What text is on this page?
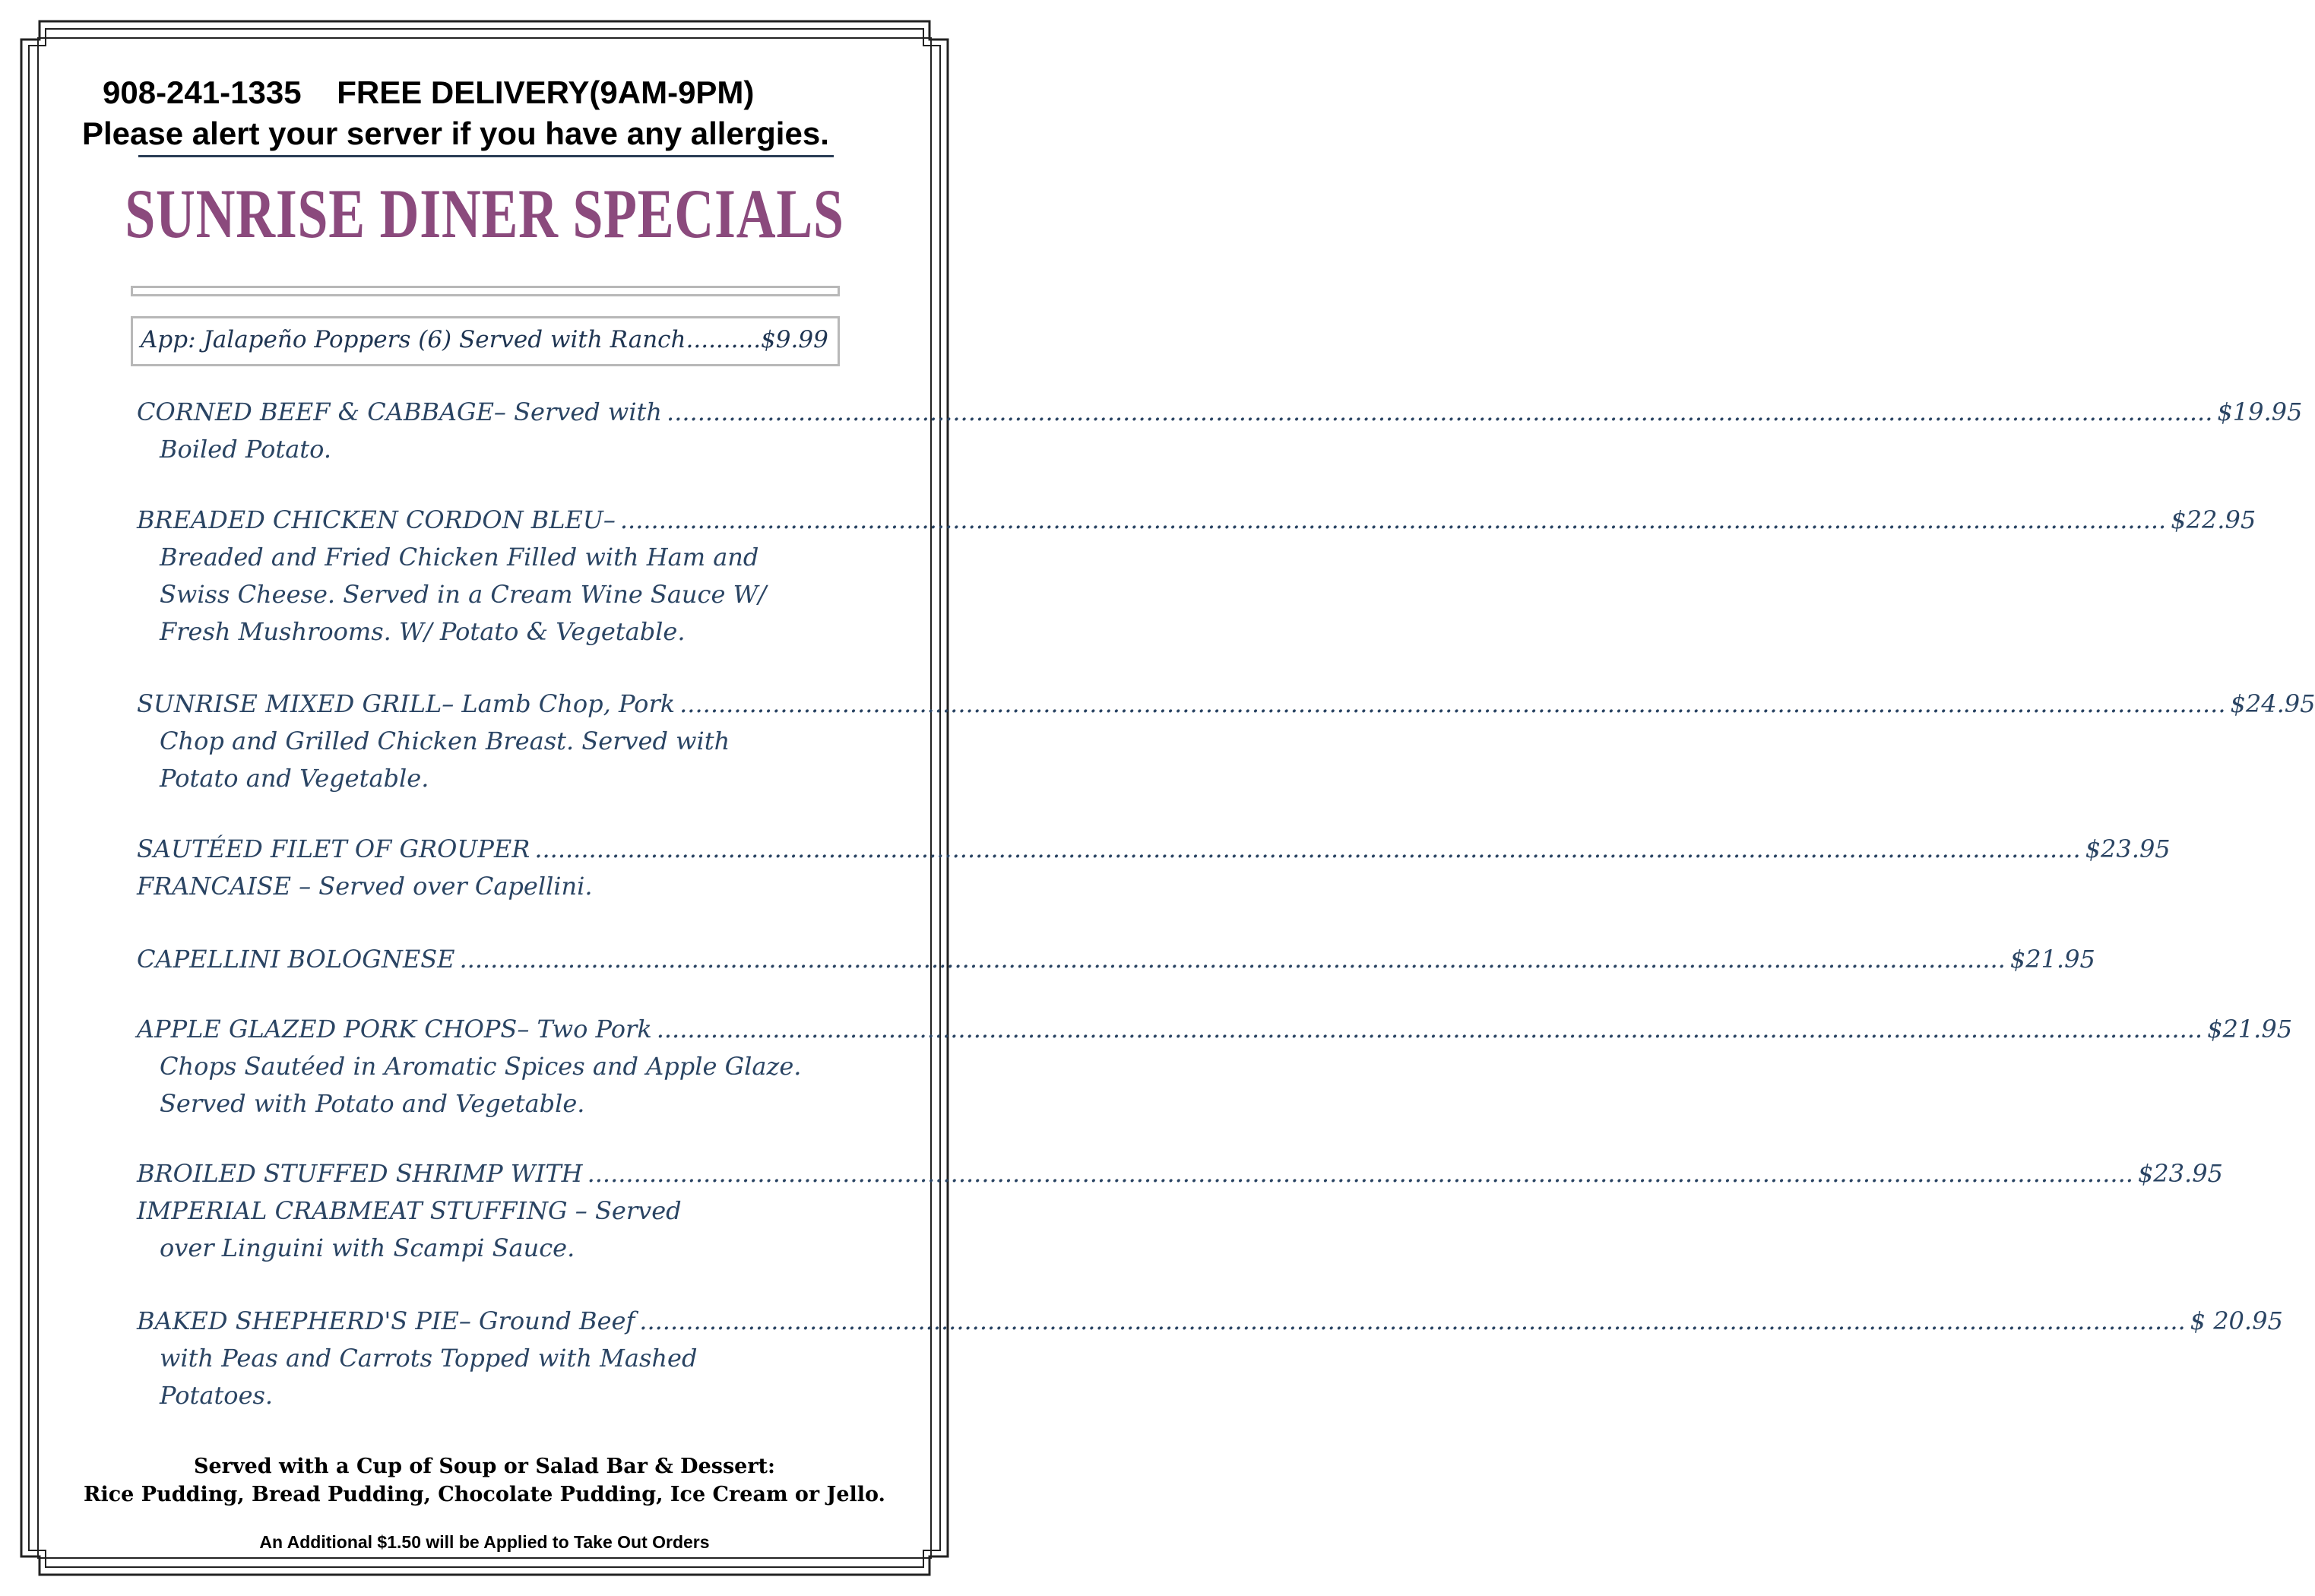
908-241-1335 FREE DELIVERY(9AM-9PM)
Please alert your server if you have any allergies.
SUNRISE DINER SPECIALS
App: Jalapeño Poppers (6) Served with Ranch..........$9.99
CORNED BEEF & CABBAGE – Served with ........................................................................................................................................................................................................ $19.95
Boiled Potato.
BREADED CHICKEN CORDON BLEU – ........................................................................................................................................................................................................ $22.95
Breaded and Fried Chicken Filled with Ham and
Swiss Cheese. Served in a Cream Wine Sauce W/
Fresh Mushrooms. W/ Potato & Vegetable.
SUNRISE MIXED GRILL – Lamb Chop, Pork ........................................................................................................................................................................................................ $24.95
Chop and Grilled Chicken Breast. Served with
Potato and Vegetable.
SAUTÉED FILET OF GROUPER ........................................................................................................................................................................................................ $23.95
FRANCAISE – Served over Capellini.
CAPELLINI BOLOGNESE ........................................................................................................................................................................................................ $21.95
APPLE GLAZED PORK CHOPS – Two Pork ........................................................................................................................................................................................................ $21.95
Chops Sautéed in Aromatic Spices and Apple Glaze.
Served with Potato and Vegetable.
BROILED STUFFED SHRIMP WITH ........................................................................................................................................................................................................ $23.95
IMPERIAL CRABMEAT STUFFING – Served
over Linguini with Scampi Sauce.
BAKED SHEPHERD'S PIE – Ground Beef ........................................................................................................................................................................................................ $ 20.95
with Peas and Carrots Topped with Mashed
Potatoes.
Served with a Cup of Soup or Salad Bar & Dessert:
Rice Pudding, Bread Pudding, Chocolate Pudding, Ice Cream or Jello.
An Additional $1.50 will be Applied to Take Out Orders
